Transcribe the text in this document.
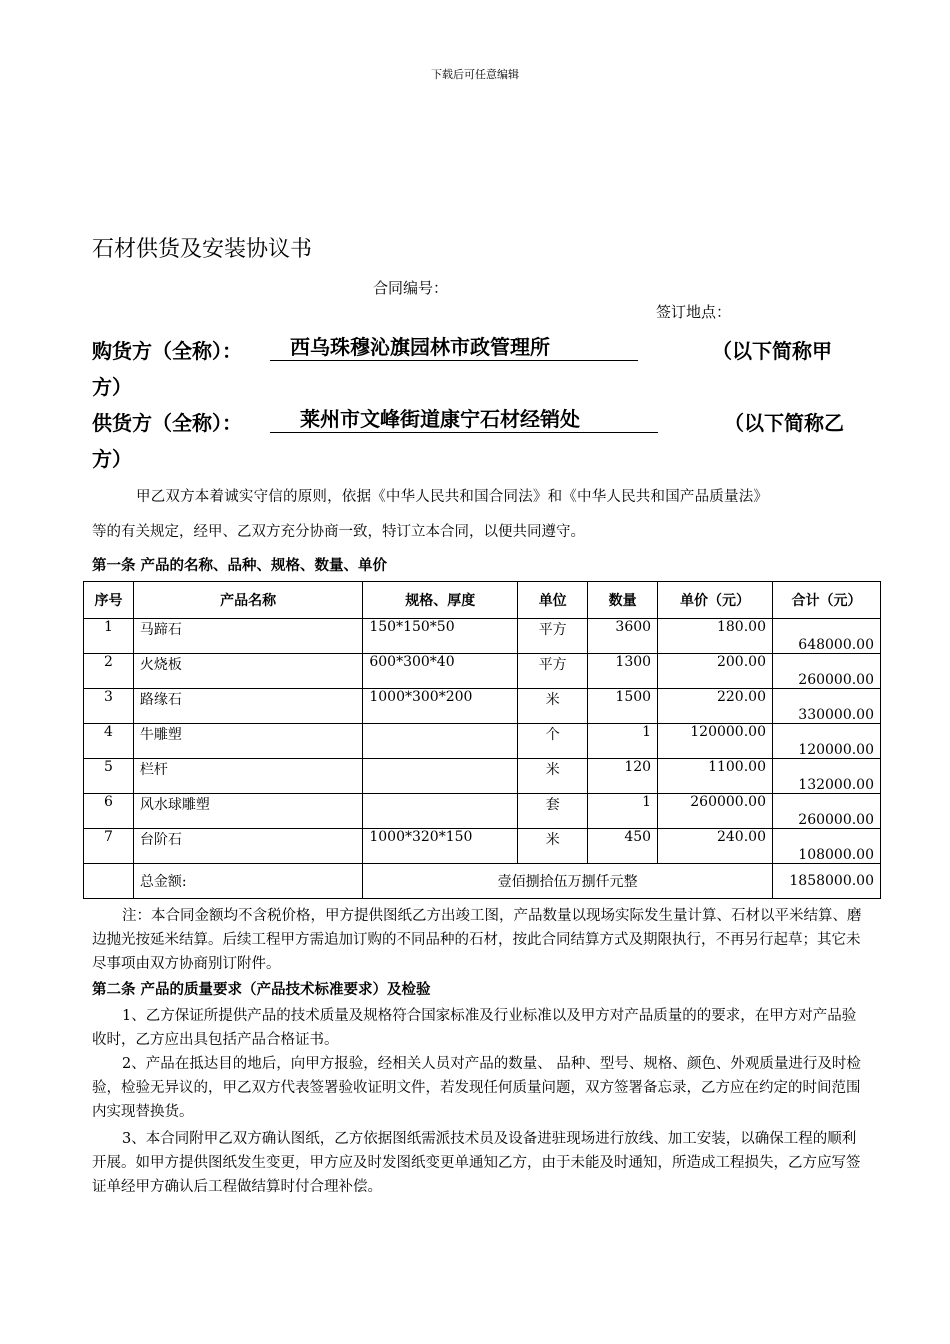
下载后可任意编辑
石材供货及安装协议书
合同编号：
签订地点：
购货方（全称）：	西乌珠穆沁旗园林市政管理所	（以下简称甲
方）
供货方（全称）：	莱州市文峰街道康宁石材经销处	（以下简称乙
方）
甲乙双方本着诚实守信的原则，依据《中华人民共和国合同法》和《中华人民共和国产品质量法》
等的有关规定，经甲、乙双方充分协商一致，特订立本合同，以便共同遵守。
第一条 产品的名称、品种、规格、数量、单价
序号	产品名称	规格、厚度	单位	数量	单价（元）	合计（元）
1	马蹄石	150*150*50	平方	3600	180.00	648000.00
2	火烧板	600*300*40	平方	1300	200.00	260000.00
3	路缘石	1000*300*200	米	1500	220.00	330000.00
4	牛雕塑		个	1	120000.00	120000.00
5	栏杆		米	120	1100.00	132000.00
6	风水球雕塑		套	1	260000.00	260000.00
7	台阶石	1000*320*150	米	450	240.00	108000.00
	总金额:	壹佰捌拾伍万捌仟元整				1858000.00
注：本合同金额均不含税价格，甲方提供图纸乙方出竣工图，产品数量以现场实际发生量计算、石材以平米结算、磨边抛光按延米结算。后续工程甲方需追加订购的不同品种的石材，按此合同结算方式及期限执行，不再另行起草；其它未尽事项由双方协商别订附件。
第二条 产品的质量要求（产品技术标准要求）及检验
1、乙方保证所提供产品的技术质量及规格符合国家标准及行业标准以及甲方对产品质量的的要求，在甲方对产品验收时，乙方应出具包括产品合格证书。
2、产品在抵达目的地后，向甲方报验，经相关人员对产品的数量、 品种、型号、规格、颜色、外观质量进行及时检验，检验无异议的，甲乙双方代表签署验收证明文件，若发现任何质量问题，双方签署备忘录，乙方应在约定的时间范围内实现替换货。
3、本合同附甲乙双方确认图纸，乙方依据图纸需派技术员及设备进驻现场进行放线、加工安装，以确保工程的顺利开展。如甲方提供图纸发生变更，甲方应及时发图纸变更单通知乙方，由于未能及时通知，所造成工程损失，乙方应写签证单经甲方确认后工程做结算时付合理补偿。
